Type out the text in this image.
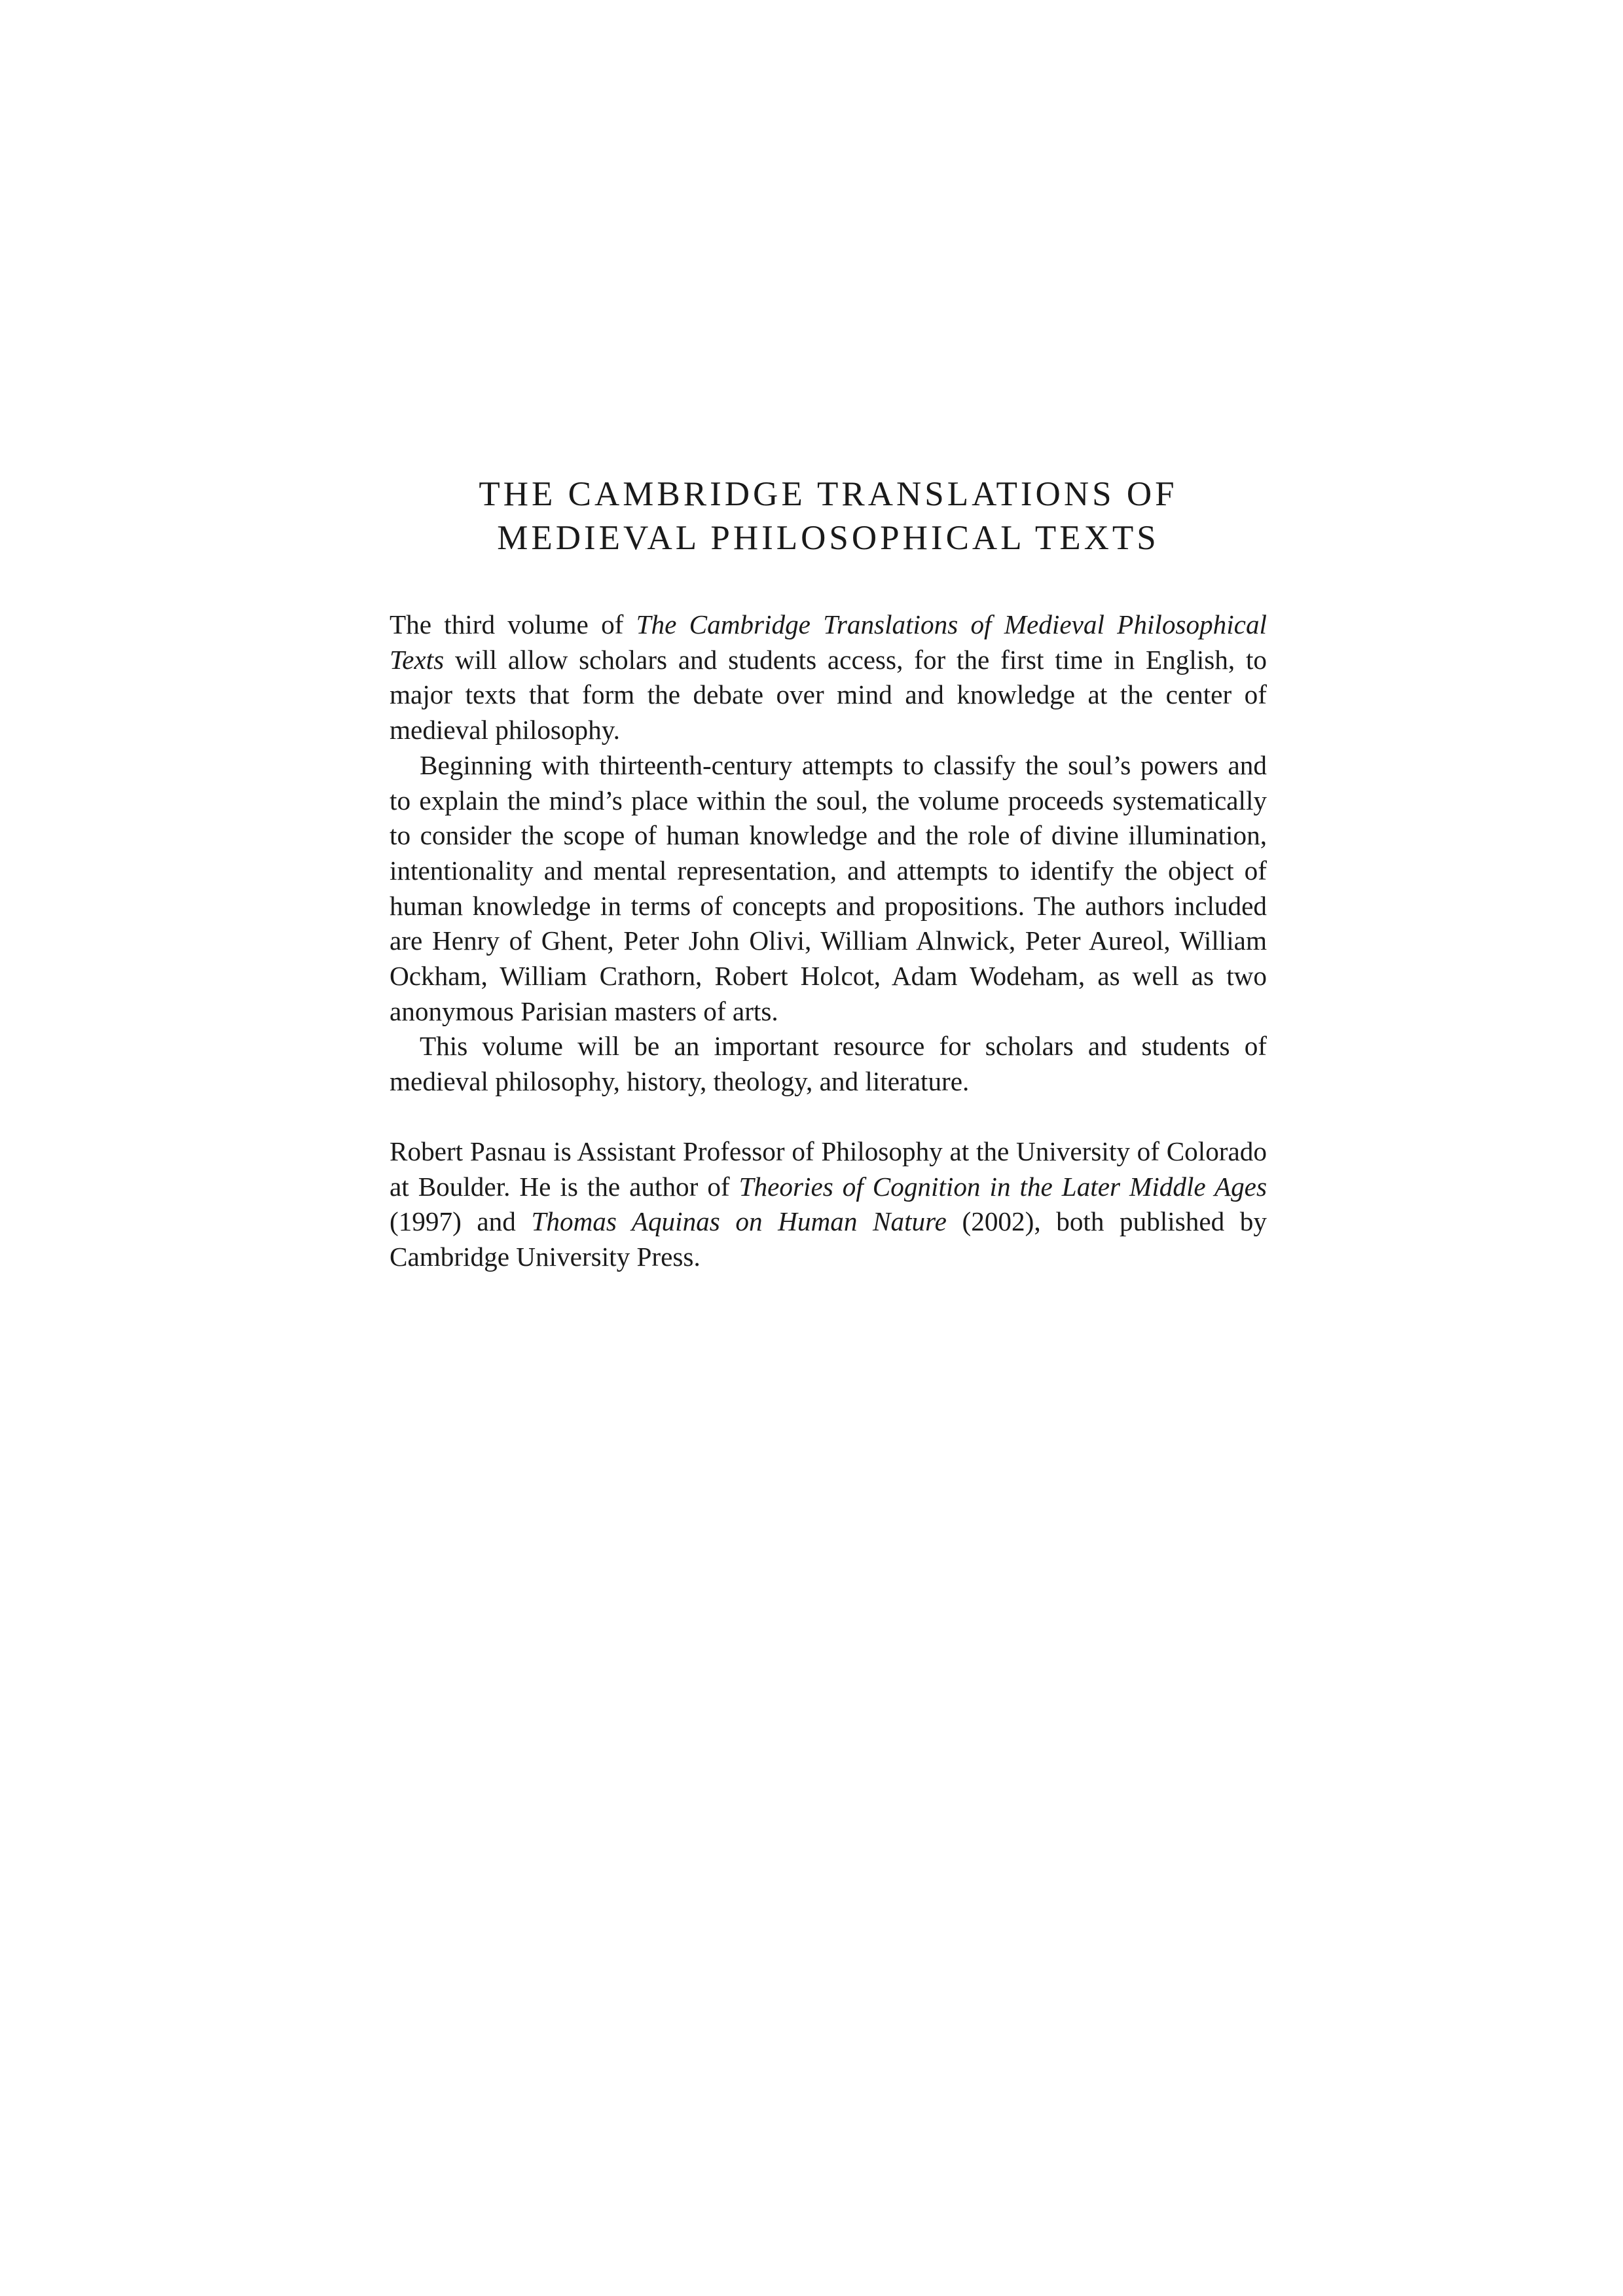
THE CAMBRIDGE TRANSLATIONS OF
MEDIEVAL PHILOSOPHICAL TEXTS

The third volume of The Cambridge Translations of Medieval Philosophical Texts will allow scholars and students access, for the first time in English, to major texts that form the debate over mind and knowledge at the center of medieval philosophy.

Beginning with thirteenth-century attempts to classify the soul’s powers and to explain the mind’s place within the soul, the volume proceeds systematically to consider the scope of human knowledge and the role of divine illumination, intentionality and mental representation, and attempts to identify the object of human knowledge in terms of concepts and propositions. The authors included are Henry of Ghent, Peter John Olivi, William Alnwick, Peter Aureol, William Ockham, William Crathorn, Robert Holcot, Adam Wodeham, as well as two anonymous Parisian masters of arts.

This volume will be an important resource for scholars and students of medieval philosophy, history, theology, and literature.

Robert Pasnau is Assistant Professor of Philosophy at the University of Colorado at Boulder. He is the author of Theories of Cognition in the Later Middle Ages (1997) and Thomas Aquinas on Human Nature (2002), both published by Cambridge University Press.
